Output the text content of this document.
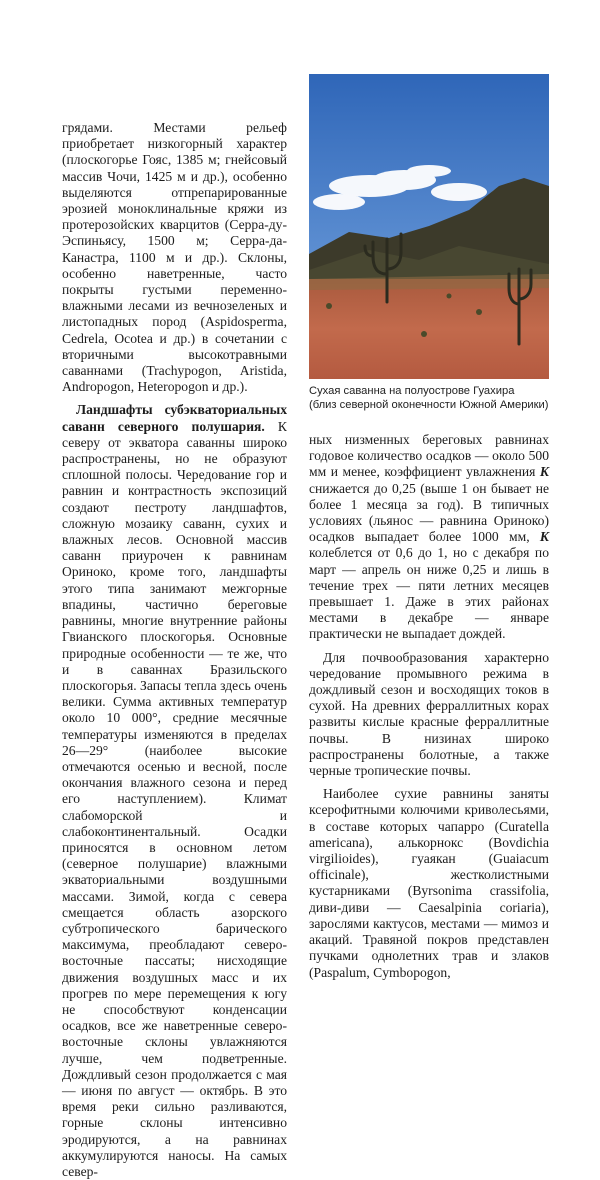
грядами. Местами рельеф приобретает низкогорный характер (плоскогорье Гояс, 1385 м; гнейсовый массив Чочи, 1425 м и др.), особенно выделяются отпрепарированные эрозией моноклинальные кряжи из протерозойских кварцитов (Серра-ду-Эспиньясу, 1500 м; Серра-да-Канастра, 1100 м и др.). Склоны, особенно наветренные, часто покрыты густыми переменно-влажными лесами из вечнозеленых и листопадных пород (Aspidosperma, Cedrela, Ocotea и др.) в сочетании с вторичными высокотравными саваннами (Trachypogon, Aristida, Andropogon, Heteropogon и др.).

Ландшафты субэкваториальных саванн северного полушария. К северу от экватора саванны широко распространены, но не образуют сплошной полосы. Чередование гор и равнин и контрастность экспозиций создают пестроту ландшафтов, сложную мозаику саванн, сухих и влажных лесов. Основной массив саванн приурочен к равнинам Ориноко, кроме того, ландшафты этого типа занимают межгорные впадины, частично береговые равнины, многие внутренние районы Гвианского плоскогорья. Основные природные особенности — те же, что и в саваннах Бразильского плоскогорья. Запасы тепла здесь очень велики. Сумма активных температур около 10 000°, средние месячные температуры изменяются в пределах 26—29° (наиболее высокие отмечаются осенью и весной, после окончания влажного сезона и перед его наступлением). Климат слабоморской и слабоконтинентальный. Осадки приносятся в основном летом (северное полушарие) влажными экваториальными воздушными массами. Зимой, когда с севера смещается область азорского субтропического барического максимума, преобладают северо-восточные пассаты; нисходящие движения воздушных масс и их прогрев по мере перемещения к югу не способствуют конденсации осадков, все же наветренные северо-восточные склоны увлажняются лучше, чем подветренные. Дождливый сезон продолжается с мая — июня по август — октябрь. В это время реки сильно разливаются, горные склоны интенсивно эродируются, а на равнинах аккумулируются наносы. На самых север-

Сухая саванна на полуострове Гуахира
(близ северной оконечности Южной Америки)

ных низменных береговых равнинах годовое количество осадков — около 500 мм и менее, коэффициент увлажнения K снижается до 0,25 (выше 1 он бывает не более 1 месяца за год). В типичных условиях (льянос — равнина Ориноко) осадков выпадает более 1000 мм, K колеблется от 0,6 до 1, но с декабря по март — апрель он ниже 0,25 и лишь в течение трех — пяти летних месяцев превышает 1. Даже в этих районах местами в декабре — январе практически не выпадает дождей.

Для почвообразования характерно чередование промывного режима в дождливый сезон и восходящих токов в сухой. На древних ферраллитных корах развиты кислые красные ферраллитные почвы. В низинах широко распространены болотные, а также черные тропические почвы.

Наиболее сухие равнины заняты ксерофитными колючими криволесьями, в составе которых чапарро (Curatella americana), алькорнокс (Bovdichia virgilioides), гуаякан (Guaiacum officinale), жестколистными кустарниками (Byrsonima crassifolia, диви-диви — Caesalpinia coriaria), зарослями кактусов, местами — мимоз и акаций. Травяной покров представлен пучками однолетних трав и злаков (Paspalum, Cymbopogon,
